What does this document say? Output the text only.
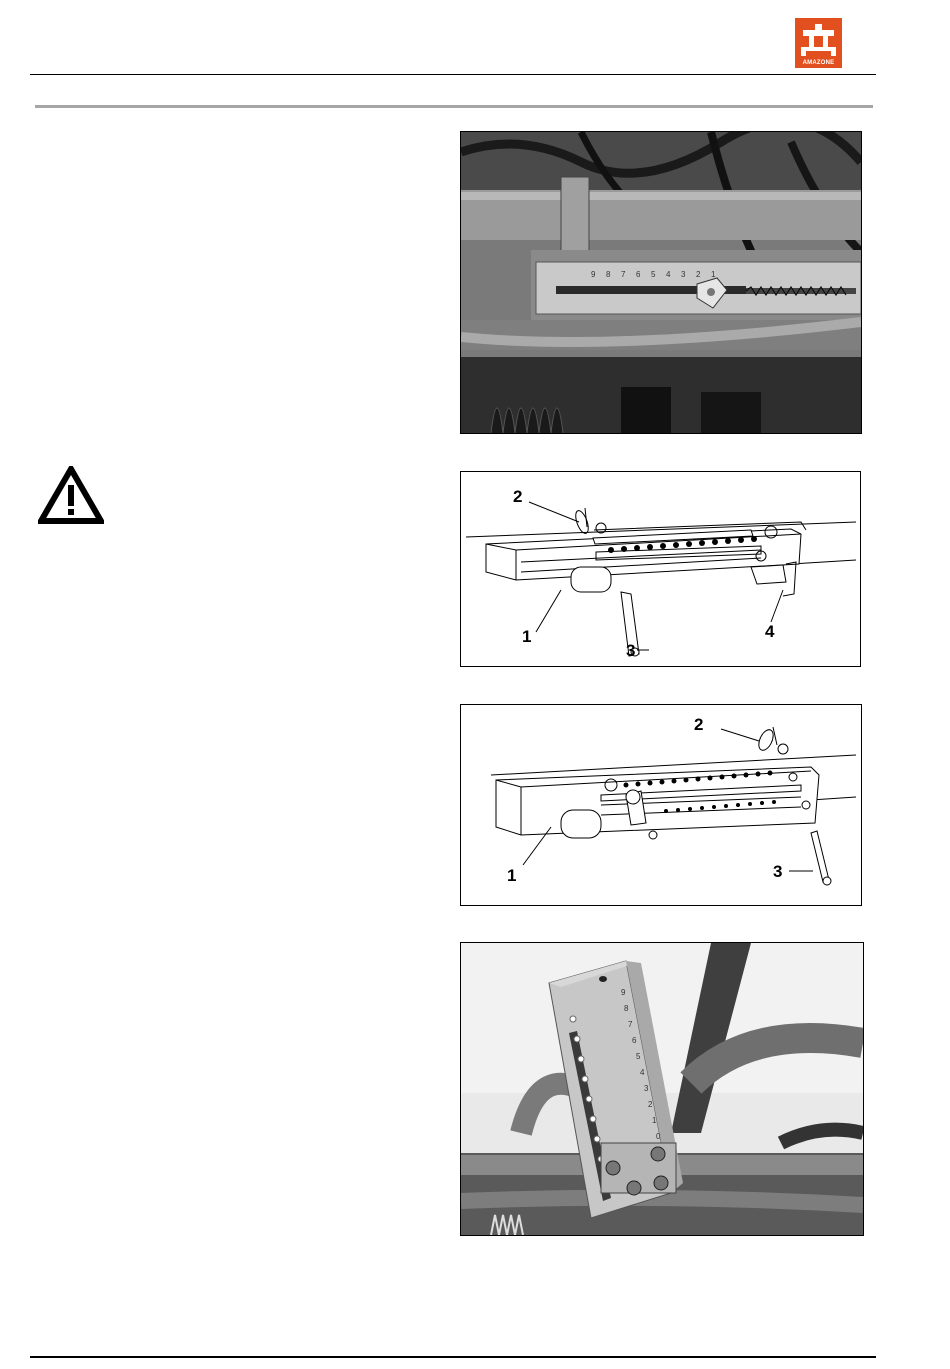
AMAZONE
9 8 7 6 5 4 3 2 1
2
1
3
4
2
1	3
9
8
7
6
5
4
3
2
1
0
